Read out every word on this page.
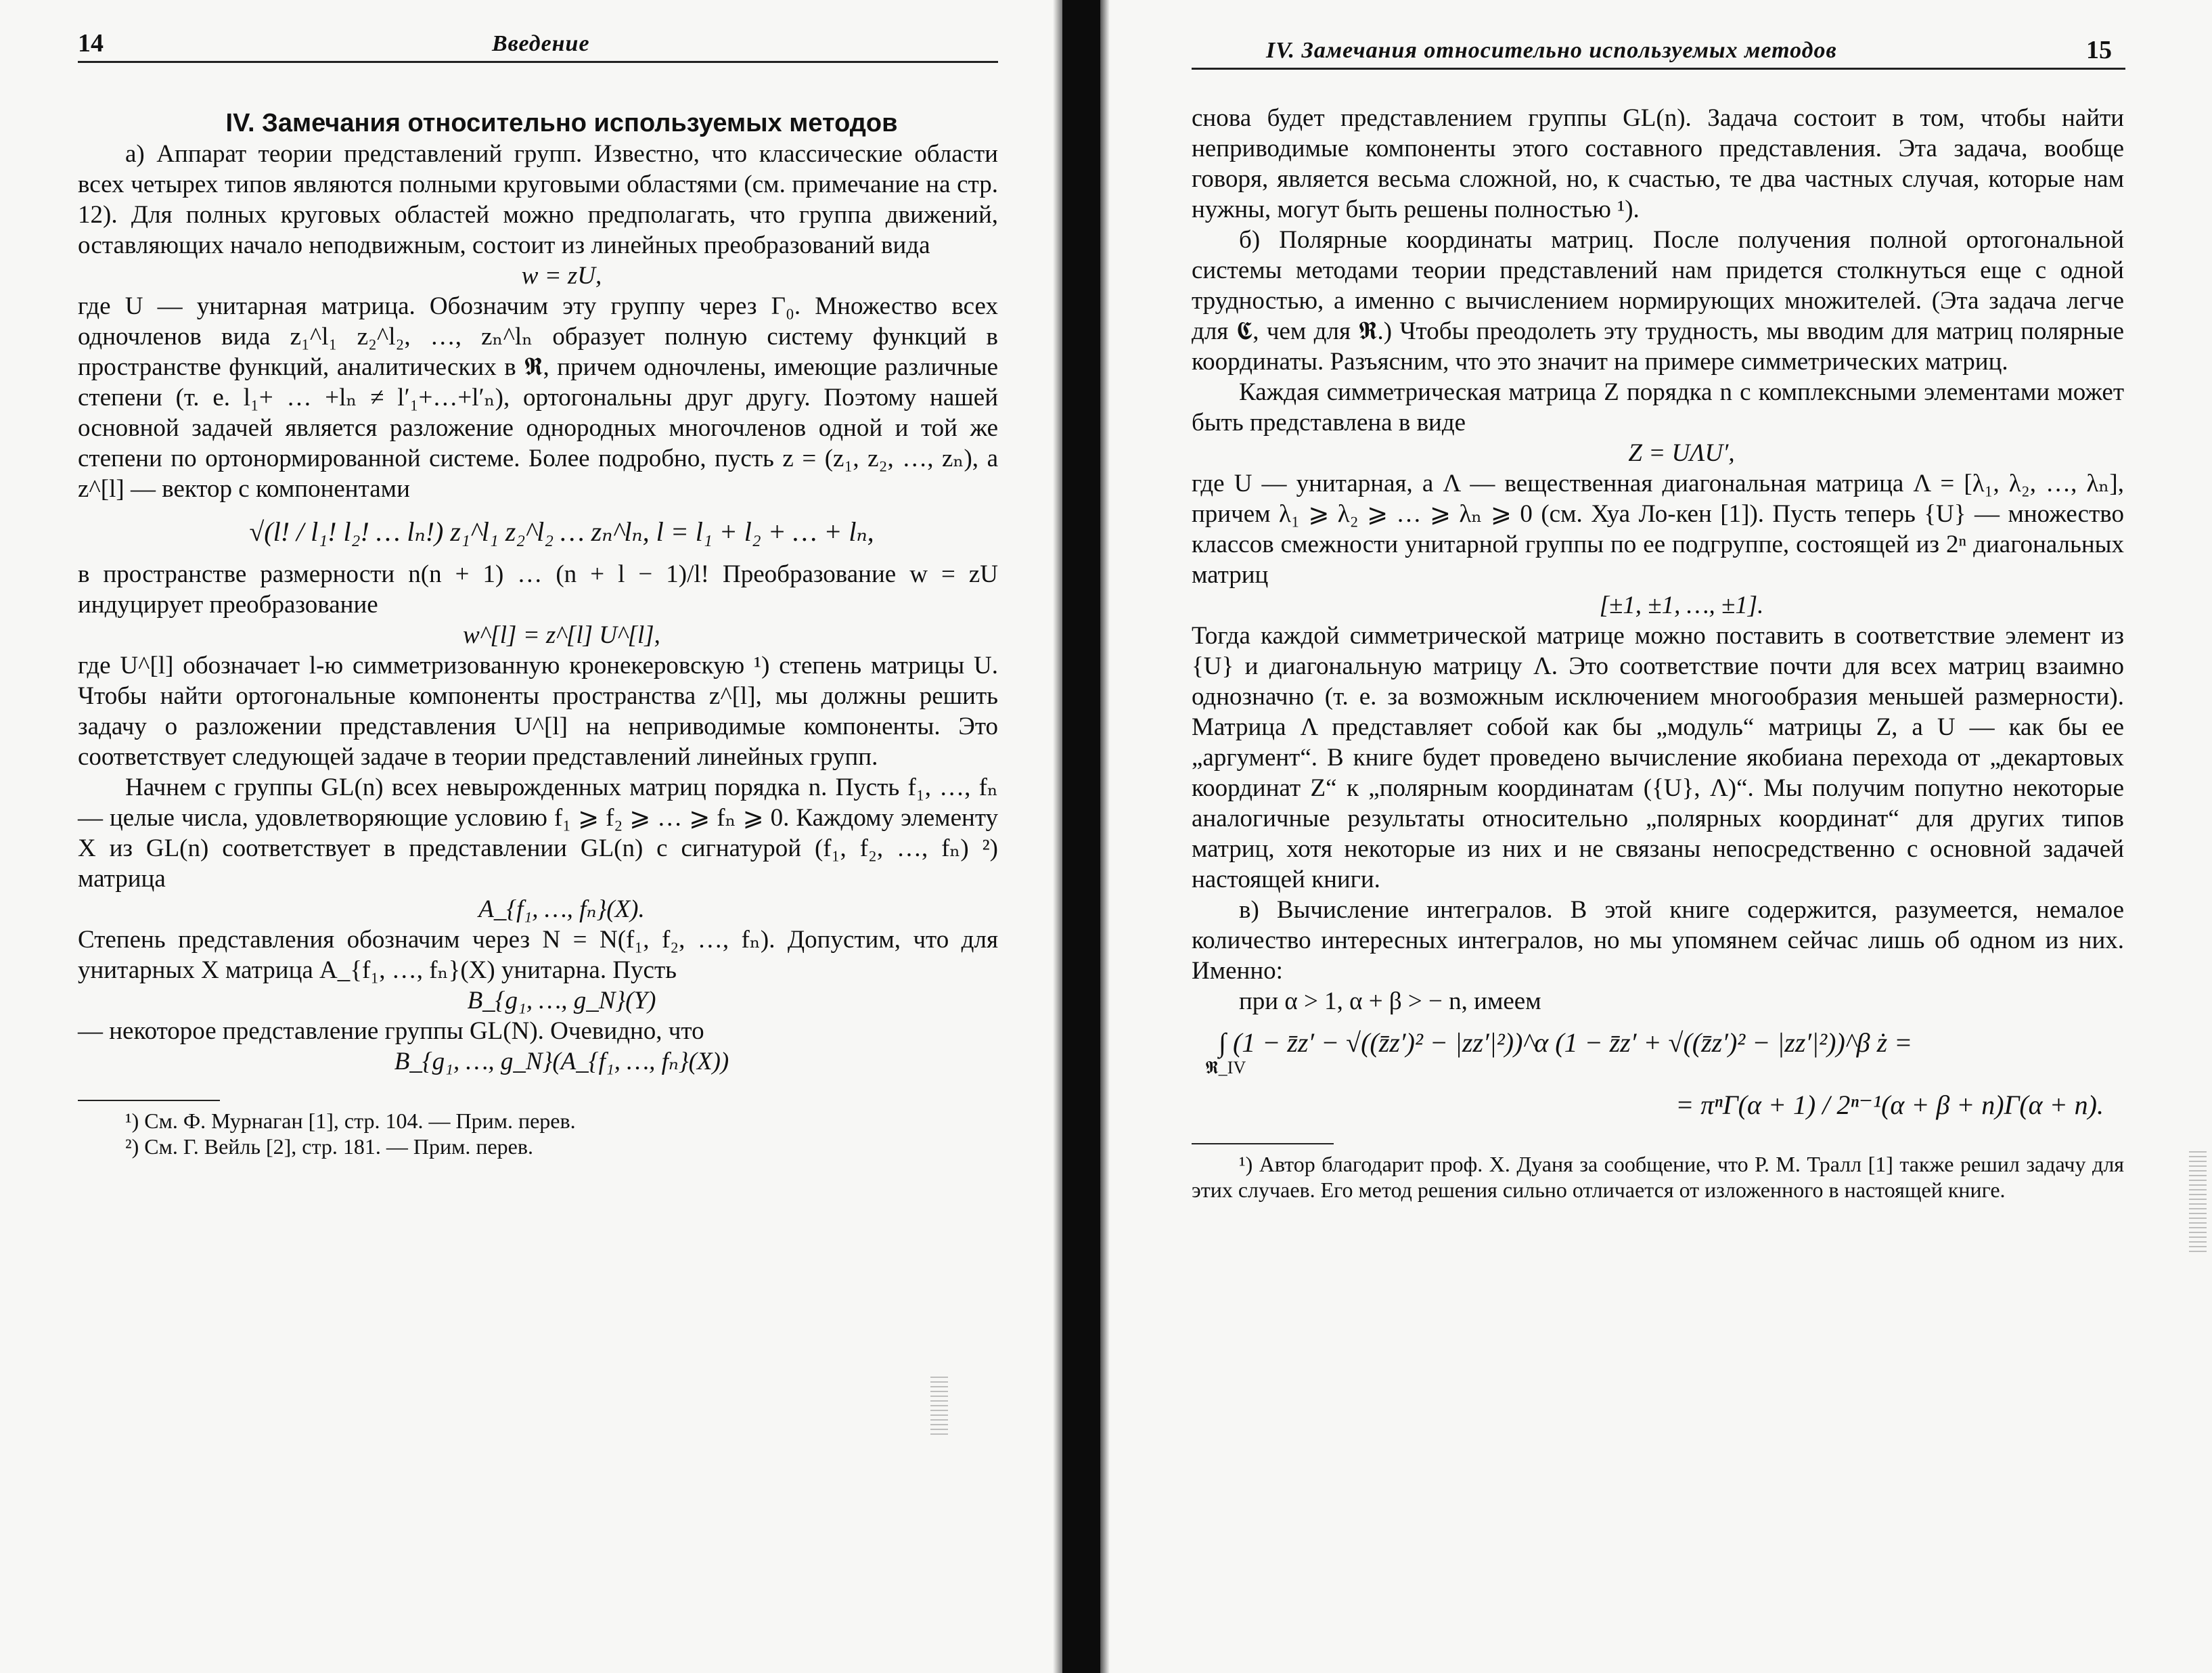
14	Введение

IV. Замечания относительно используемых методов

а) Аппарат теории представлений групп. Известно, что классические области всех четырех типов являются полными круговыми областями (см. примечание на стр. 12). Для полных круговых областей можно предполагать, что группа движений, оставляющих начало неподвижным, состоит из линейных преобразований вида

w = zU,

где U — унитарная матрица. Обозначим эту группу через Γ₀. Множество всех одночленов вида z₁^l₁ z₂^l₂, …, zₙ^lₙ образует полную систему функций в пространстве функций, аналитических в 𝕽, причем одночлены, имеющие различные степени (т. е. l₁+ … +lₙ ≠ l′₁+…+l′ₙ), ортогональны друг другу. Поэтому нашей основной задачей является разложение однородных многочленов одной и той же степени по ортонормированной системе. Более подробно, пусть z = (z₁, z₂, …, zₙ), а z^[l] — вектор с компонентами

√(l! / l₁! l₂! … lₙ!) z₁^l₁ z₂^l₂ … zₙ^lₙ, l = l₁ + l₂ + … + lₙ,

в пространстве размерности n(n + 1) … (n + l − 1)/l! Преобразование w = zU индуцирует преобразование

w^[l] = z^[l] U^[l],

где U^[l] обозначает l-ю симметризованную кронекеровскую ¹) степень матрицы U. Чтобы найти ортогональные компоненты пространства z^[l], мы должны решить задачу о разложении представления U^[l] на неприводимые компоненты. Это соответствует следующей задаче в теории представлений линейных групп.

Начнем с группы GL(n) всех невырожденных матриц порядка n. Пусть f₁, …, fₙ — целые числа, удовлетворяющие условию f₁ ⩾ f₂ ⩾ … ⩾ fₙ ⩾ 0. Каждому элементу X из GL(n) соответствует в представлении GL(n) с сигнатурой (f₁, f₂, …, fₙ) ²) матрица

A_{f₁, …, fₙ}(X).

Степень представления обозначим через N = N(f₁, f₂, …, fₙ). Допустим, что для унитарных X матрица A_{f₁, …, fₙ}(X) унитарна. Пусть

B_{g₁, …, g_N}(Y)

— некоторое представление группы GL(N). Очевидно, что

B_{g₁, …, g_N}(A_{f₁, …, fₙ}(X))

¹) См. Ф. Мурнаган [1], стр. 104. — Прим. перев.

²) См. Г. Вейль [2], стр. 181. — Прим. перев.

IV. Замечания относительно используемых методов	15

снова будет представлением группы GL(n). Задача состоит в том, чтобы найти неприводимые компоненты этого составного представления. Эта задача, вообще говоря, является весьма сложной, но, к счастью, те два частных случая, которые нам нужны, могут быть решены полностью ¹).

б) Полярные координаты матриц. После получения полной ортогональной системы методами теории представлений нам придется столкнуться еще с одной трудностью, а именно с вычислением нормирующих множителей. (Эта задача легче для 𝕮, чем для 𝕽.) Чтобы преодолеть эту трудность, мы вводим для матриц полярные координаты. Разъясним, что это значит на примере симметрических матриц.

Каждая симметрическая матрица Z порядка n с комплексными элементами может быть представлена в виде

Z = UΛU′,

где U — унитарная, а Λ — вещественная диагональная матрица Λ = [λ₁, λ₂, …, λₙ], причем λ₁ ⩾ λ₂ ⩾ … ⩾ λₙ ⩾ 0 (см. Хуа Ло-кен [1]). Пусть теперь {U} — множество классов смежности унитарной группы по ее подгруппе, состоящей из 2ⁿ диагональных матриц

[±1, ±1, …, ±1].

Тогда каждой симметрической матрице можно поставить в соответствие элемент из {U} и диагональную матрицу Λ. Это соответствие почти для всех матриц взаимно однозначно (т. е. за возможным исключением многообразия меньшей размерности). Матрица Λ представляет собой как бы „модуль“ матрицы Z, а U — как бы ее „аргумент“. В книге будет проведено вычисление якобиана перехода от „декартовых координат Z“ к „полярным координатам ({U}, Λ)“. Мы получим попутно некоторые аналогичные результаты относительно „полярных координат“ для других типов матриц, хотя некоторые из них и не связаны непосредственно с основной задачей настоящей книги.

в) Вычисление интегралов. В этой книге содержится, разумеется, немалое количество интересных интегралов, но мы упомянем сейчас лишь об одном из них. Именно:

при α > 1, α + β > − n, имеем

∫ (1 − z̄z′ − √((z̄z′)² − |zz′|²))^α (1 − z̄z′ + √((z̄z′)² − |zz′|²))^β ż =
𝕽_IV
= πⁿΓ(α + 1) / 2ⁿ⁻¹(α + β + n)Γ(α + n).

¹) Автор благодарит проф. Х. Дуаня за сообщение, что Р. М. Тралл [1] также решил задачу для этих случаев. Его метод решения сильно отличается от изложенного в настоящей книге.
